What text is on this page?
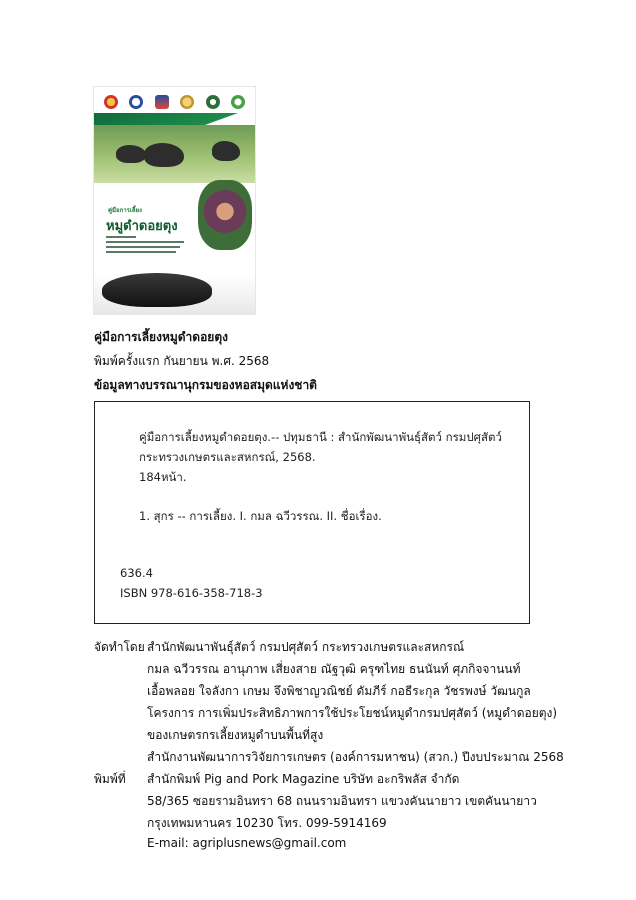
คู่มือการเลี้ยง
หมูดำดอยตุง
คู่มือการเลี้ยงหมูดำดอยตุง
พิมพ์ครั้งแรก กันยายน พ.ศ. 2568
ข้อมูลทางบรรณานุกรมของหอสมุดแห่งชาติ
คู่มือการเลี้ยงหมูดำดอยตุง.-- ปทุมธานี : สำนักพัฒนาพันธุ์สัตว์ กรมปศุสัตว์
กระทรวงเกษตรและสหกรณ์, 2568.
184หน้า.
1. สุกร -- การเลี้ยง. I. กมล ฉวีวรรณ. II. ชื่อเรื่อง.
636.4
ISBN 978-616-358-718-3
จัดทำโดย สำนักพัฒนาพันธุ์สัตว์ กรมปศุสัตว์ กระทรวงเกษตรและสหกรณ์
กมล ฉวีวรรณ อานุภาพ เสี่ยงสาย ณัฐวุฒิ ครุฑไทย ธนนันท์ ศุภกิจจานนท์
เอื้อพลอย ใจลังกา เกษม จึงพิชาญวณิชย์ ดัมภีร์ กอธีระกุล วัชรพงษ์ วัฒนกูล
โครงการ การเพิ่มประสิทธิภาพการใช้ประโยชน์หมูดำกรมปศุสัตว์ (หมูดำดอยตุง)
ของเกษตรกรเลี้ยงหมูดำบนพื้นที่สูง
สำนักงานพัฒนาการวิจัยการเกษตร (องค์การมหาชน) (สวก.) ปีงบประมาณ 2568
พิมพ์ที่ สำนักพิมพ์ Pig and Pork Magazine บริษัท อะกริพลัส จำกัด
58/365 ซอยรามอินทรา 68 ถนนรามอินทรา แขวงคันนายาว เขตคันนายาว
กรุงเทพมหานคร 10230 โทร. 099-5914169
E-mail: agriplusnews@gmail.com
